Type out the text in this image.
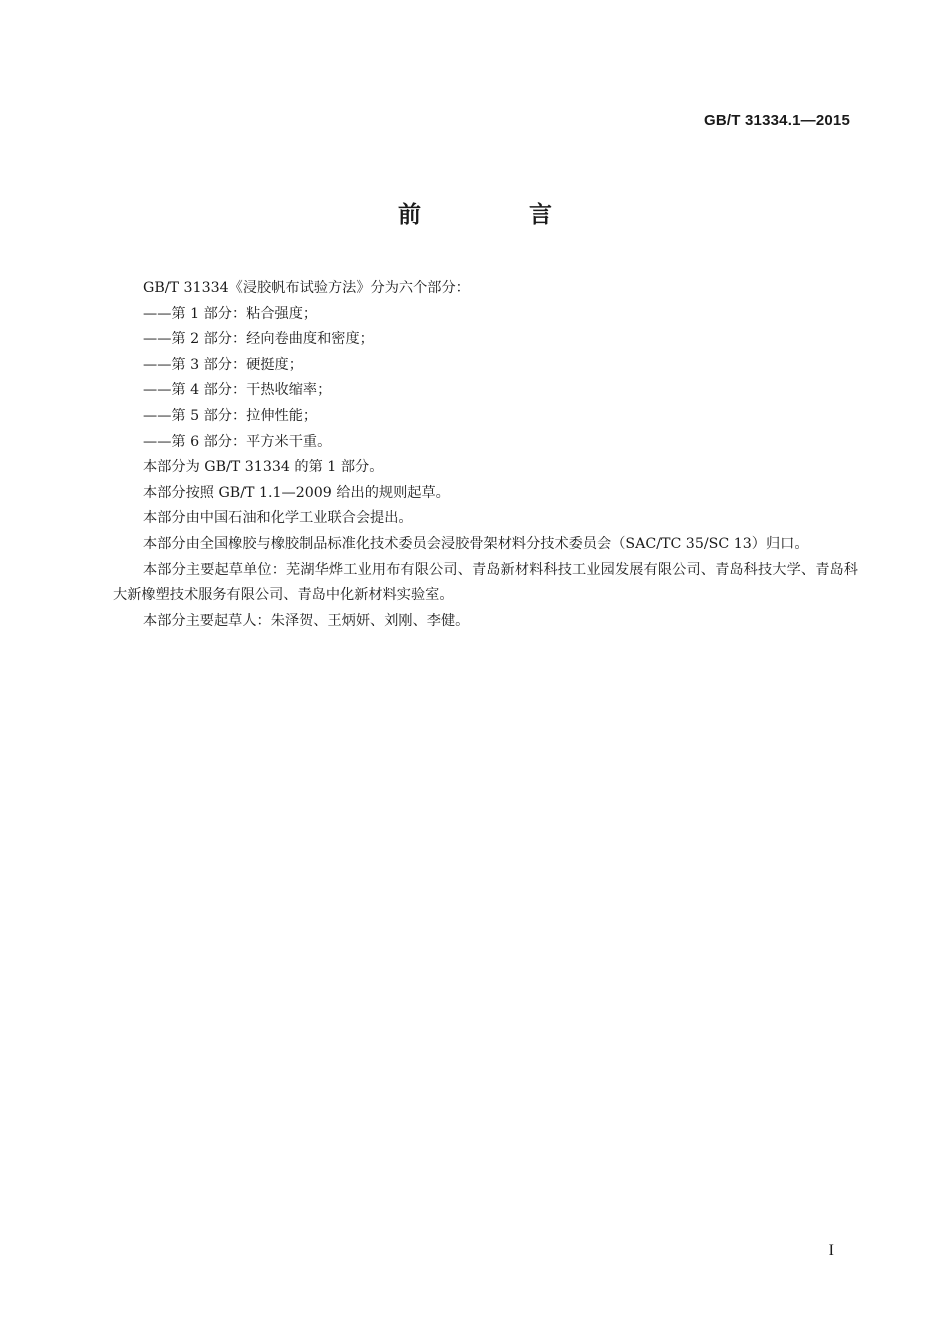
GB/T 31334.1—2015
前 言

GB/T 31334《浸胶帆布试验方法》分为六个部分：

——第 1 部分：粘合强度；

——第 2 部分：经向卷曲度和密度；

——第 3 部分：硬挺度；

——第 4 部分：干热收缩率；

——第 5 部分：拉伸性能；

——第 6 部分：平方米干重。

本部分为 GB/T 31334 的第 1 部分。

本部分按照 GB/T 1.1—2009 给出的规则起草。

本部分由中国石油和化学工业联合会提出。

本部分由全国橡胶与橡胶制品标准化技术委员会浸胶骨架材料分技术委员会（SAC/TC 35/SC 13）归口。

本部分主要起草单位：芜湖华烨工业用布有限公司、青岛新材料科技工业园发展有限公司、青岛科技大学、青岛科大新橡塑技术服务有限公司、青岛中化新材料实验室。

本部分主要起草人：朱泽贺、王炳妍、刘刚、李健。

I
